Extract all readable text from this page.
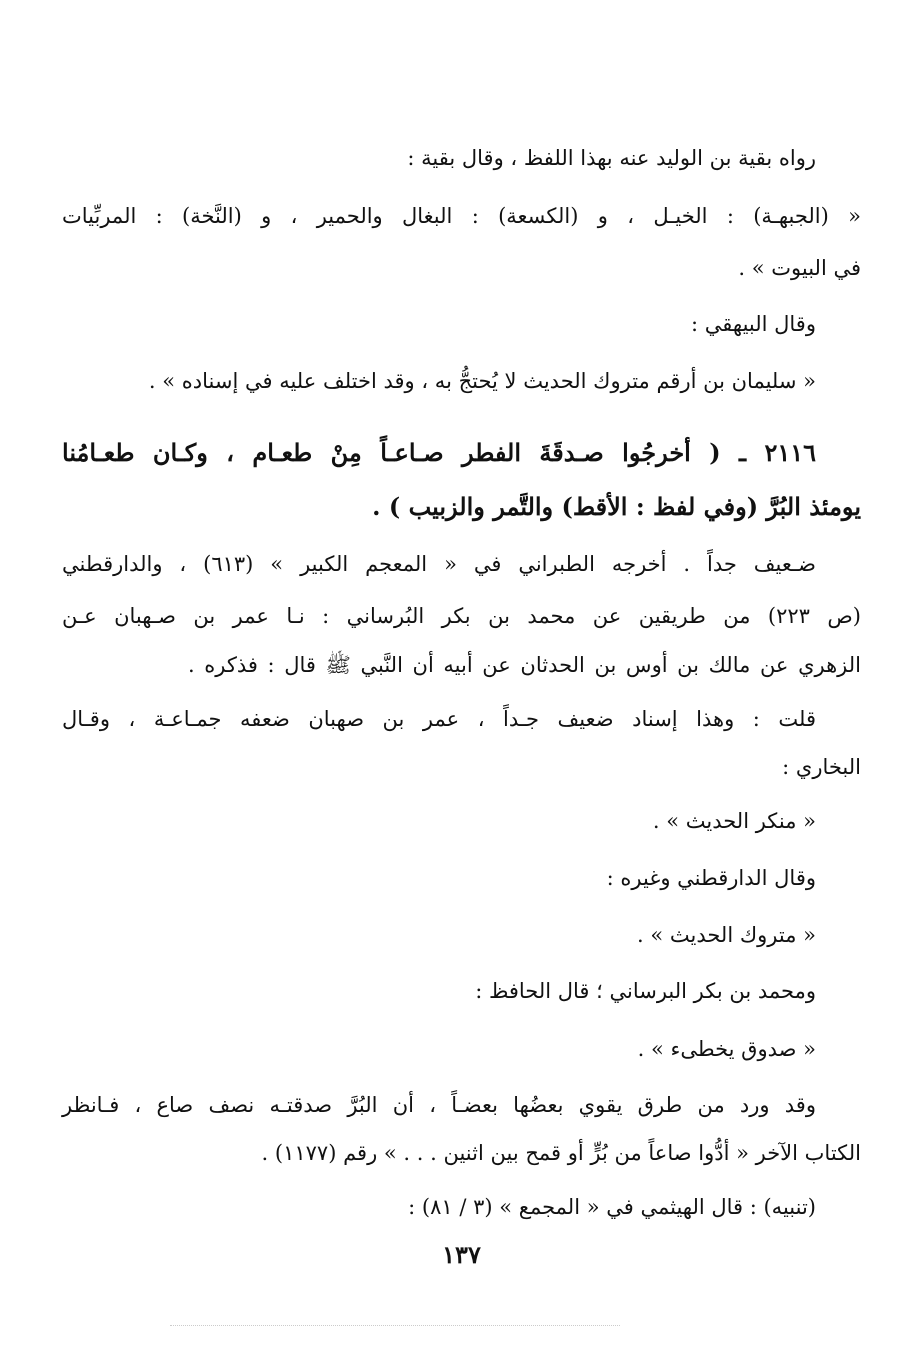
رواه بقية بن الوليد عنه بهذا اللفظ ، وقال بقية :
« (الجبهـة) : الخيـل ، و (الكسعة) : البغال والحمير ، و (النَّخة) : المربِّيات
في البيوت » .
وقال البيهقي :
« سليمان بن أرقم متروك الحديث لا يُحتجُّ به ، وقد اختلف عليه في إسناده » .
٢١١٦ ـ ( أخرجُوا صـدقَةَ الفطر صـاعـاً مِنْ طعـام ، وكـان طعـامُنا
يومئذ البُرَّ (وفي لفظ : الأقط) والتَّمر والزبيب ) .
ضـعيف جداً . أخرجه الطبراني في « المعجم الكبير » (٦١٣) ، والدارقطني
(ص ٢٢٣) من طريقين عن محمد بن بكر البُرساني : نـا عمر بن صـهبان عـن
الزهري عن مالك بن أوس بن الحدثان عن أبيه أن النَّبي ﷺ قال : فذكره .
قلت : وهذا إسناد ضعيف جـداً ، عمر بن صهبان ضعفه جمـاعـة ، وقـال
البخاري :
« منكر الحديث » .
وقال الدارقطني وغيره :
« متروك الحديث » .
ومحمد بن بكر البرساني ؛ قال الحافظ :
« صدوق يخطىء » .
وقد ورد من طرق يقوي بعضُها بعضـاً ، أن البُرَّ صدقتـه نصف صاع ، فـانظر
الكتاب الآخر « أدُّوا صاعاً من بُرٍّ أو قمح بين اثنين . . . » رقم (١١٧٧) .
(تنبيه) : قال الهيثمي في « المجمع » (٣ / ٨١) :
١٣٧
